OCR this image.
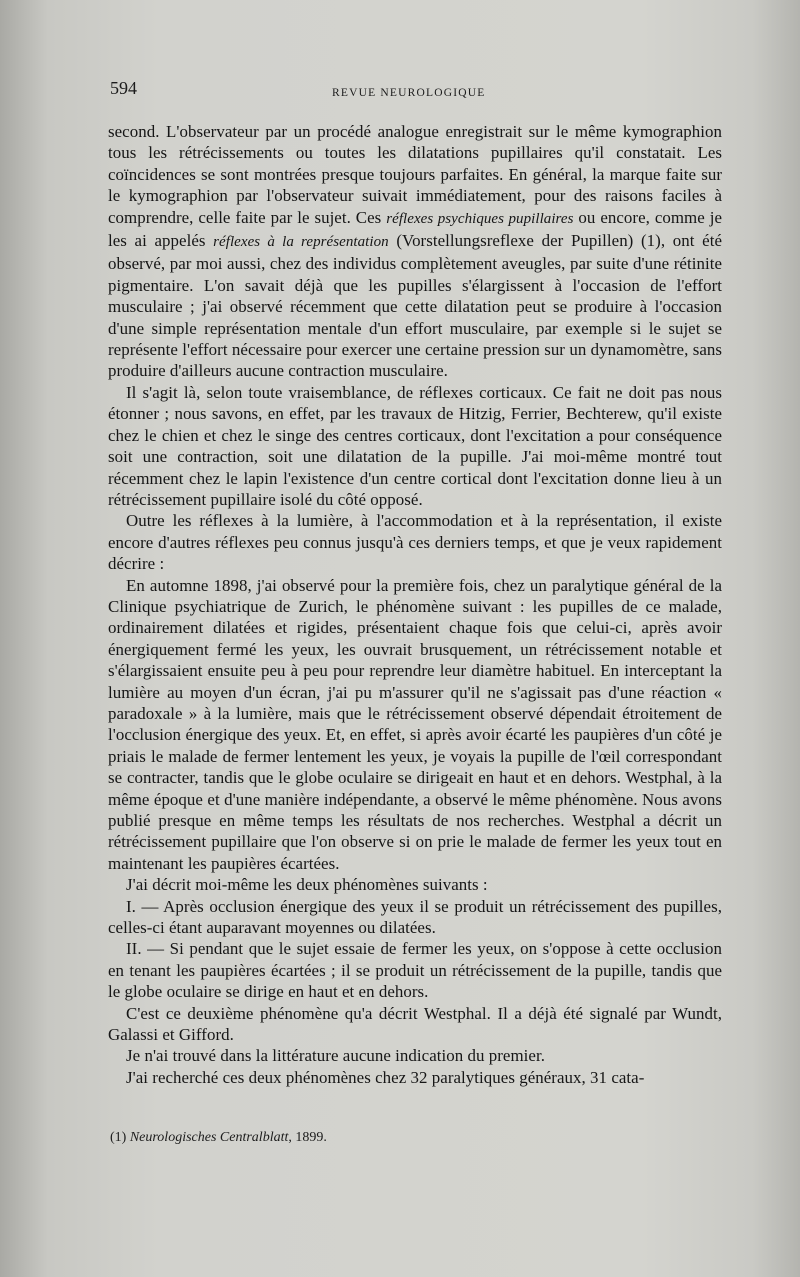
594	REVUE NEUROLOGIQUE

second. L'observateur par un procédé analogue enregistrait sur le même kymographion tous les rétrécissements ou toutes les dilatations pupillaires qu'il constatait. Les coïncidences se sont montrées presque toujours parfaites. En général, la marque faite sur le kymographion par l'observateur suivait immédiatement, pour des raisons faciles à comprendre, celle faite par le sujet. Ces réflexes psychiques pupillaires ou encore, comme je les ai appelés réflexes à la représentation (Vorstellungsreflexe der Pupillen) (1), ont été observé, par moi aussi, chez des individus complètement aveugles, par suite d'une rétinite pigmentaire. L'on savait déjà que les pupilles s'élargissent à l'occasion de l'effort musculaire ; j'ai observé récemment que cette dilatation peut se produire à l'occasion d'une simple représentation mentale d'un effort musculaire, par exemple si le sujet se représente l'effort nécessaire pour exercer une certaine pression sur un dynamomètre, sans produire d'ailleurs aucune contraction musculaire.

Il s'agit là, selon toute vraisemblance, de réflexes corticaux. Ce fait ne doit pas nous étonner ; nous savons, en effet, par les travaux de Hitzig, Ferrier, Bechterew, qu'il existe chez le chien et chez le singe des centres corticaux, dont l'excitation a pour conséquence soit une contraction, soit une dilatation de la pupille. J'ai moi-même montré tout récemment chez le lapin l'existence d'un centre cortical dont l'excitation donne lieu à un rétrécissement pupillaire isolé du côté opposé.

Outre les réflexes à la lumière, à l'accommodation et à la représentation, il existe encore d'autres réflexes peu connus jusqu'à ces derniers temps, et que je veux rapidement décrire :

En automne 1898, j'ai observé pour la première fois, chez un paralytique général de la Clinique psychiatrique de Zurich, le phénomène suivant : les pupilles de ce malade, ordinairement dilatées et rigides, présentaient chaque fois que celui-ci, après avoir énergiquement fermé les yeux, les ouvrait brusquement, un rétrécissement notable et s'élargissaient ensuite peu à peu pour reprendre leur diamètre habituel. En interceptant la lumière au moyen d'un écran, j'ai pu m'assurer qu'il ne s'agissait pas d'une réaction « paradoxale » à la lumière, mais que le rétrécissement observé dépendait étroitement de l'occlusion énergique des yeux. Et, en effet, si après avoir écarté les paupières d'un côté je priais le malade de fermer lentement les yeux, je voyais la pupille de l'œil correspondant se contracter, tandis que le globe oculaire se dirigeait en haut et en dehors. Westphal, à la même époque et d'une manière indépendante, a observé le même phénomène. Nous avons publié presque en même temps les résultats de nos recherches. Westphal a décrit un rétrécissement pupillaire que l'on observe si on prie le malade de fermer les yeux tout en maintenant les paupières écartées.

J'ai décrit moi-même les deux phénomènes suivants :

I. — Après occlusion énergique des yeux il se produit un rétrécissement des pupilles, celles-ci étant auparavant moyennes ou dilatées.

II. — Si pendant que le sujet essaie de fermer les yeux, on s'oppose à cette occlusion en tenant les paupières écartées ; il se produit un rétrécissement de la pupille, tandis que le globe oculaire se dirige en haut et en dehors.

C'est ce deuxième phénomène qu'a décrit Westphal. Il a déjà été signalé par Wundt, Galassi et Gifford.

Je n'ai trouvé dans la littérature aucune indication du premier.

J'ai recherché ces deux phénomènes chez 32 paralytiques généraux, 31 cata-

(1) Neurologisches Centralblatt, 1899.
